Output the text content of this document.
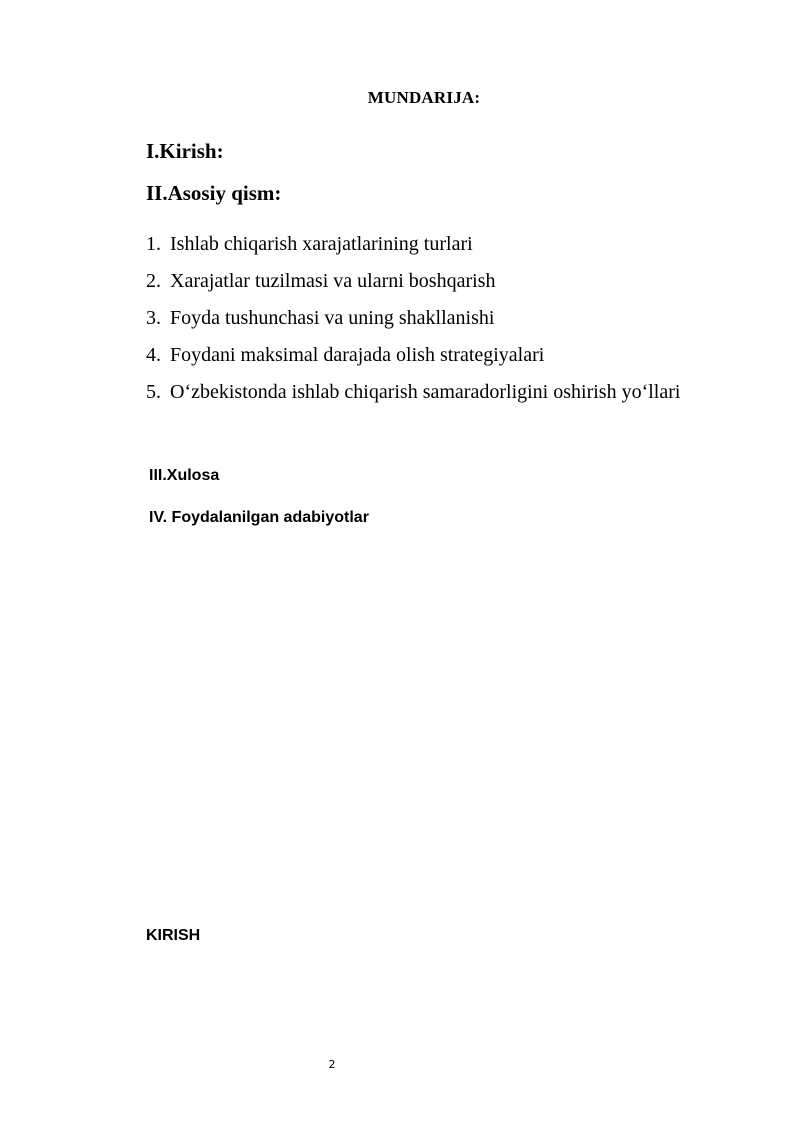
MUNDARIJA:
I.Kirish:
II.Asosiy qism:
1. Ishlab chiqarish xarajatlarining turlari
2. Xarajatlar tuzilmasi va ularni boshqarish
3. Foyda tushunchasi va uning shakllanishi
4. Foydani maksimal darajada olish strategiyalari
5. O‘zbekistonda ishlab chiqarish samaradorligini oshirish yo‘llari
III.Xulosa
IV. Foydalanilgan adabiyotlar
KIRISH
2
